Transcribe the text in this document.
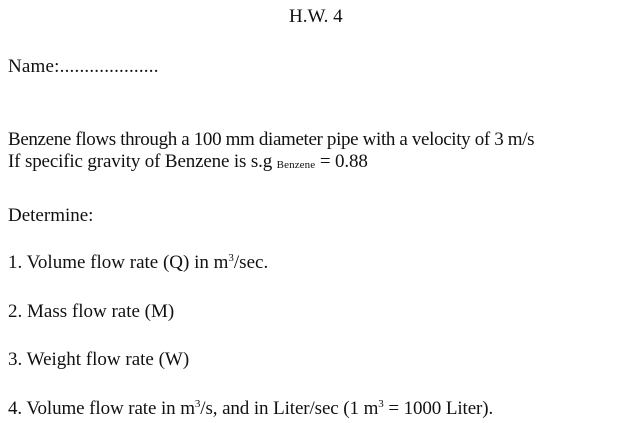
H.W. 4
Name:....................
Benzene flows through a 100 mm diameter pipe with a velocity of 3 m/s
If specific gravity of Benzene is s.g Benzene = 0.88
Determine:
1. Volume flow rate (Q) in $m^3/\sec$.
2. Mass flow rate (M)
3. Weight flow rate (W)
4. Volume flow rate in $m^3/s$, and in Liter/sec (1 $m^3 = 1000$ Liter).
